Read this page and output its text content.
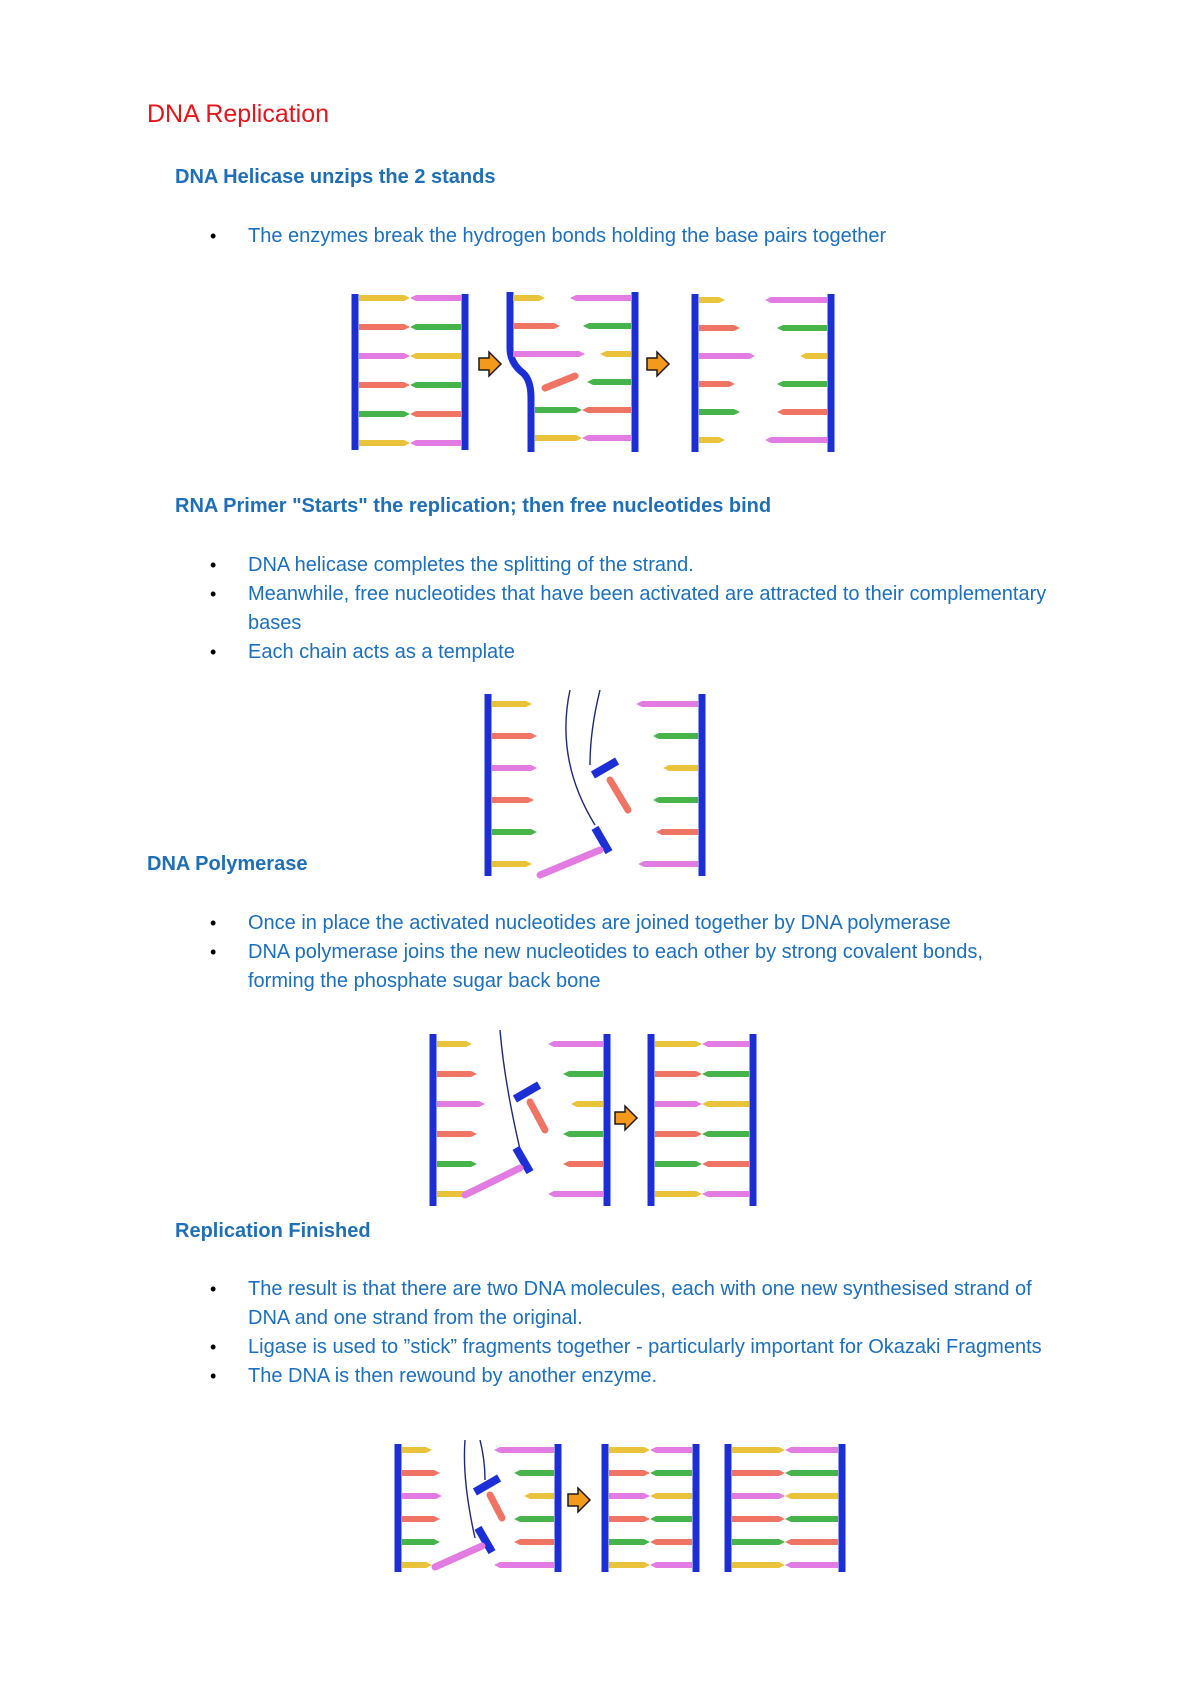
DNA Replication
DNA Helicase unzips the 2 stands
• The enzymes break the hydrogen bonds holding the base pairs together
RNA Primer "Starts" the replication; then free nucleotides bind
• DNA helicase completes the splitting of the strand.
• Meanwhile, free nucleotides that have been activated are attracted to their complementary bases
• Each chain acts as a template
DNA Polymerase
• Once in place the activated nucleotides are joined together by DNA polymerase
• DNA polymerase joins the new nucleotides to each other by strong covalent bonds, forming the phosphate sugar back bone
Replication Finished
• The result is that there are two DNA molecules, each with one new synthesised strand of DNA and one strand from the original.
• Ligase is used to ”stick” fragments together - particularly important for Okazaki Fragments
• The DNA is then rewound by another enzyme.
